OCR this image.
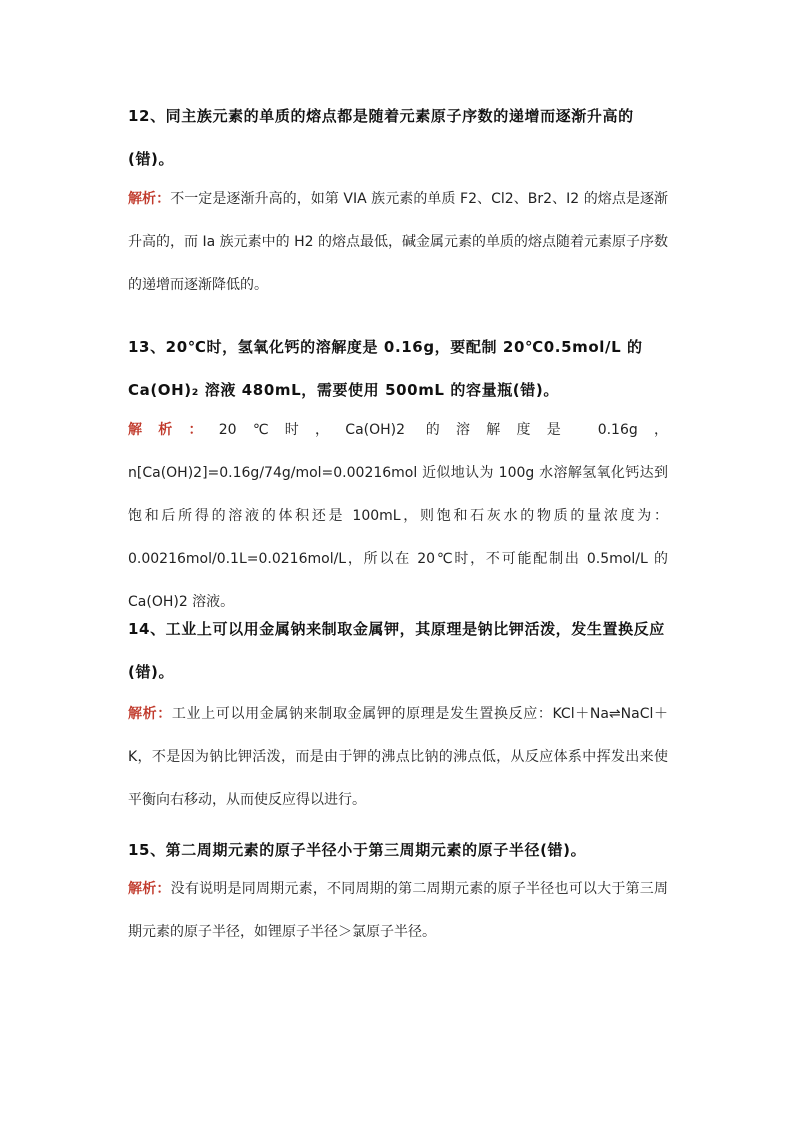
12、同主族元素的单质的熔点都是随着元素原子序数的递增而逐渐升高的(错)。

解析：不一定是逐渐升高的，如第 VIA 族元素的单质 F2、Cl2、Br2、I2 的熔点是逐渐升高的，而 Ia 族元素中的 H2 的熔点最低，碱金属元素的单质的熔点随着元素原子序数的递增而逐渐降低的。

13、20℃时，氢氧化钙的溶解度是 0.16g，要配制 20℃0.5mol/L 的 Ca(OH)₂ 溶液 480mL，需要使用 500mL 的容量瓶(错)。

解析：20℃时，Ca(OH)2 的溶解度是 0.16g，n[Ca(OH)2]=0.16g/74g/mol=0.00216mol 近似地认为 100g 水溶解氢氧化钙达到饱和后所得的溶液的体积还是 100mL，则饱和石灰水的物质的量浓度为：0.00216mol/0.1L=0.0216mol/L，所以在 20℃时，不可能配制出 0.5mol/L 的 Ca(OH)2 溶液。

14、工业上可以用金属钠来制取金属钾，其原理是钠比钾活泼，发生置换反应(错)。

解析：工业上可以用金属钠来制取金属钾的原理是发生置换反应：KCl＋Na⇌NaCl＋K，不是因为钠比钾活泼，而是由于钾的沸点比钠的沸点低，从反应体系中挥发出来使平衡向右移动，从而使反应得以进行。

15、第二周期元素的原子半径小于第三周期元素的原子半径(错)。

解析：没有说明是同周期元素，不同周期的第二周期元素的原子半径也可以大于第三周期元素的原子半径，如锂原子半径＞氯原子半径。
